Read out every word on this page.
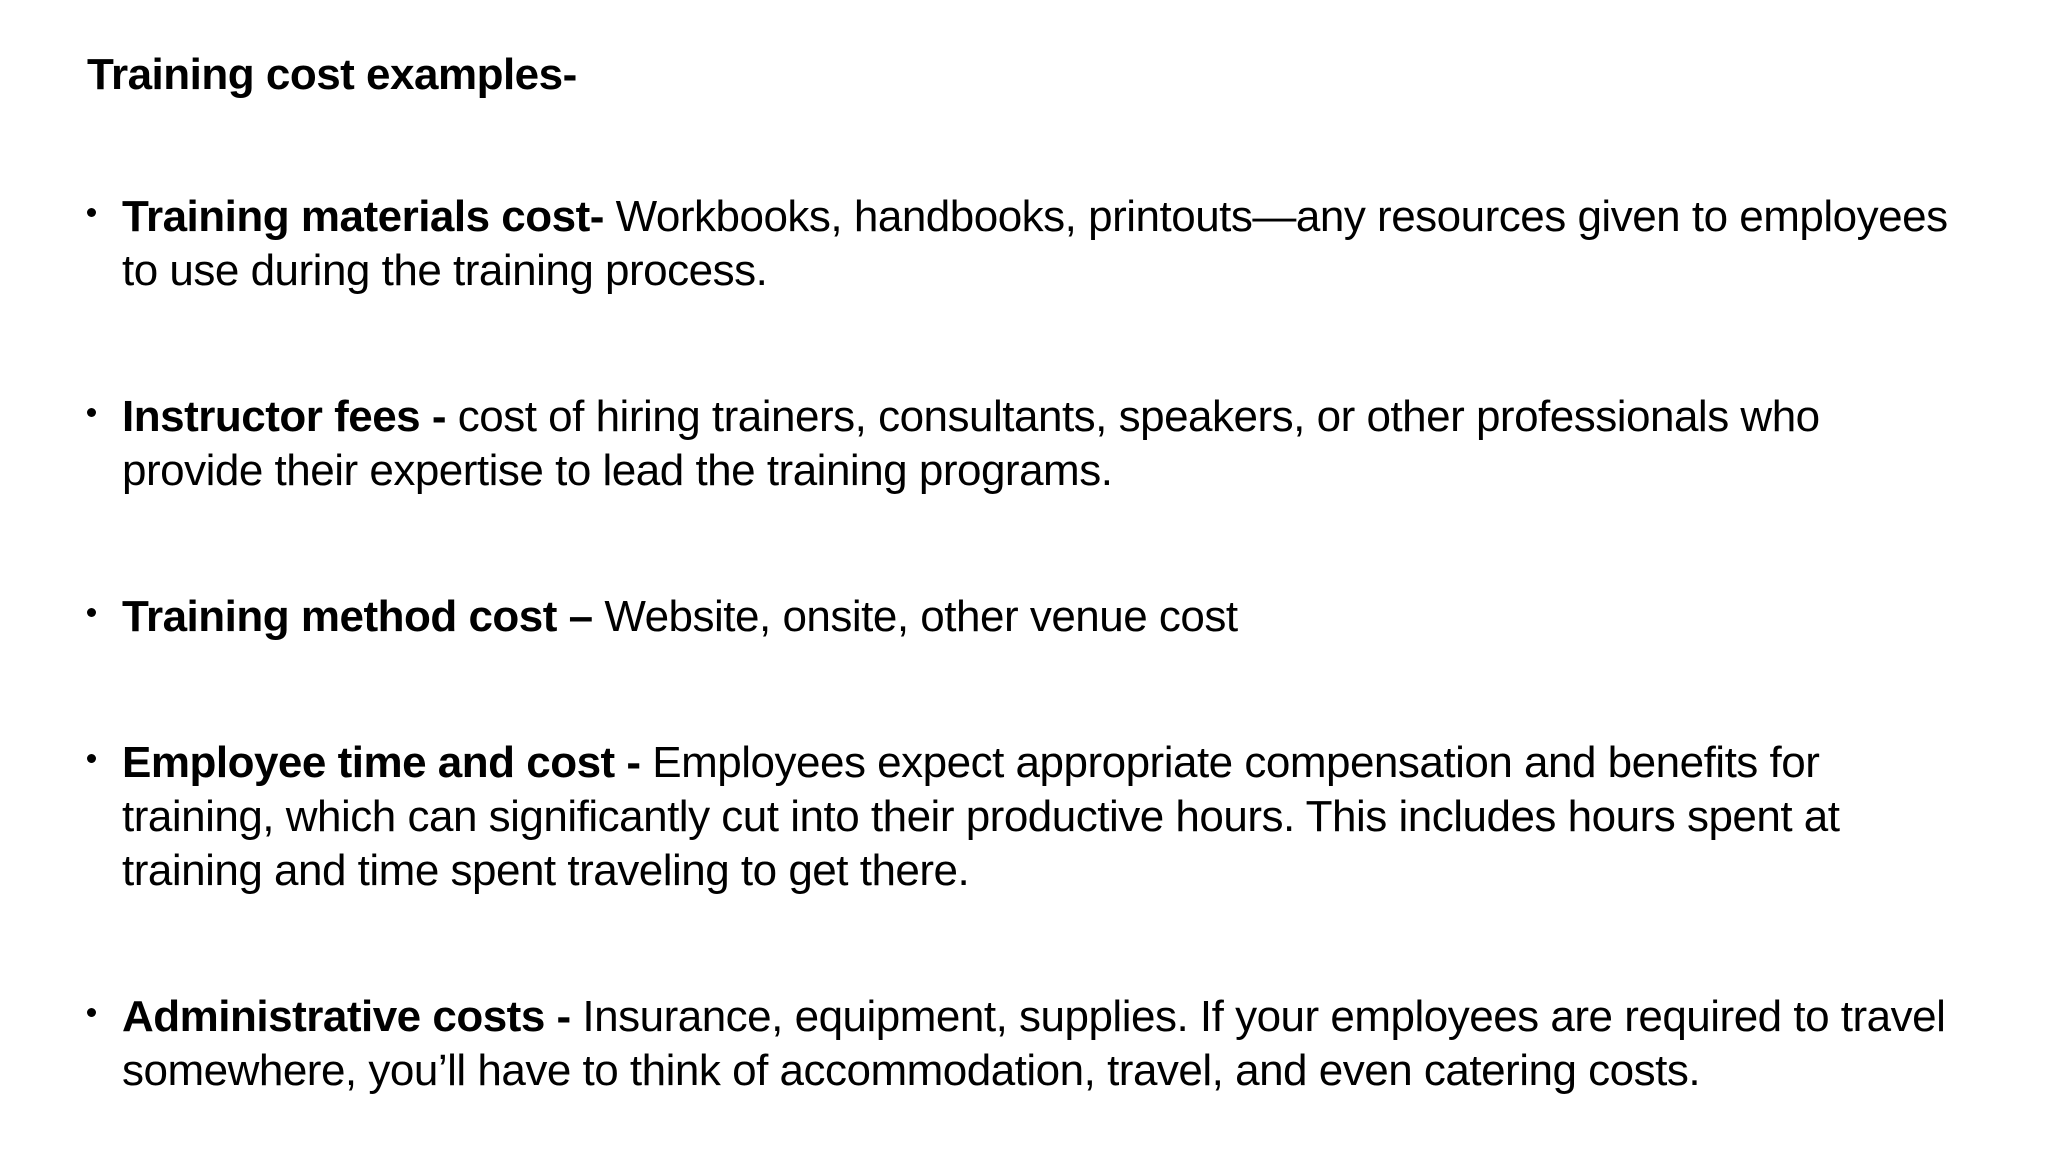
Training cost examples-
Training materials cost- Workbooks, handbooks, printouts—any resources given to employees to use during the training process.
Instructor fees - cost of hiring trainers, consultants, speakers, or other professionals who provide their expertise to lead the training programs.
Training method cost – Website, onsite, other venue cost
Employee time and cost - Employees expect appropriate compensation and benefits for training, which can significantly cut into their productive hours. This includes hours spent at training and time spent traveling to get there.
Administrative costs - Insurance, equipment, supplies. If your employees are required to travel somewhere, you’ll have to think of accommodation, travel, and even catering costs.
